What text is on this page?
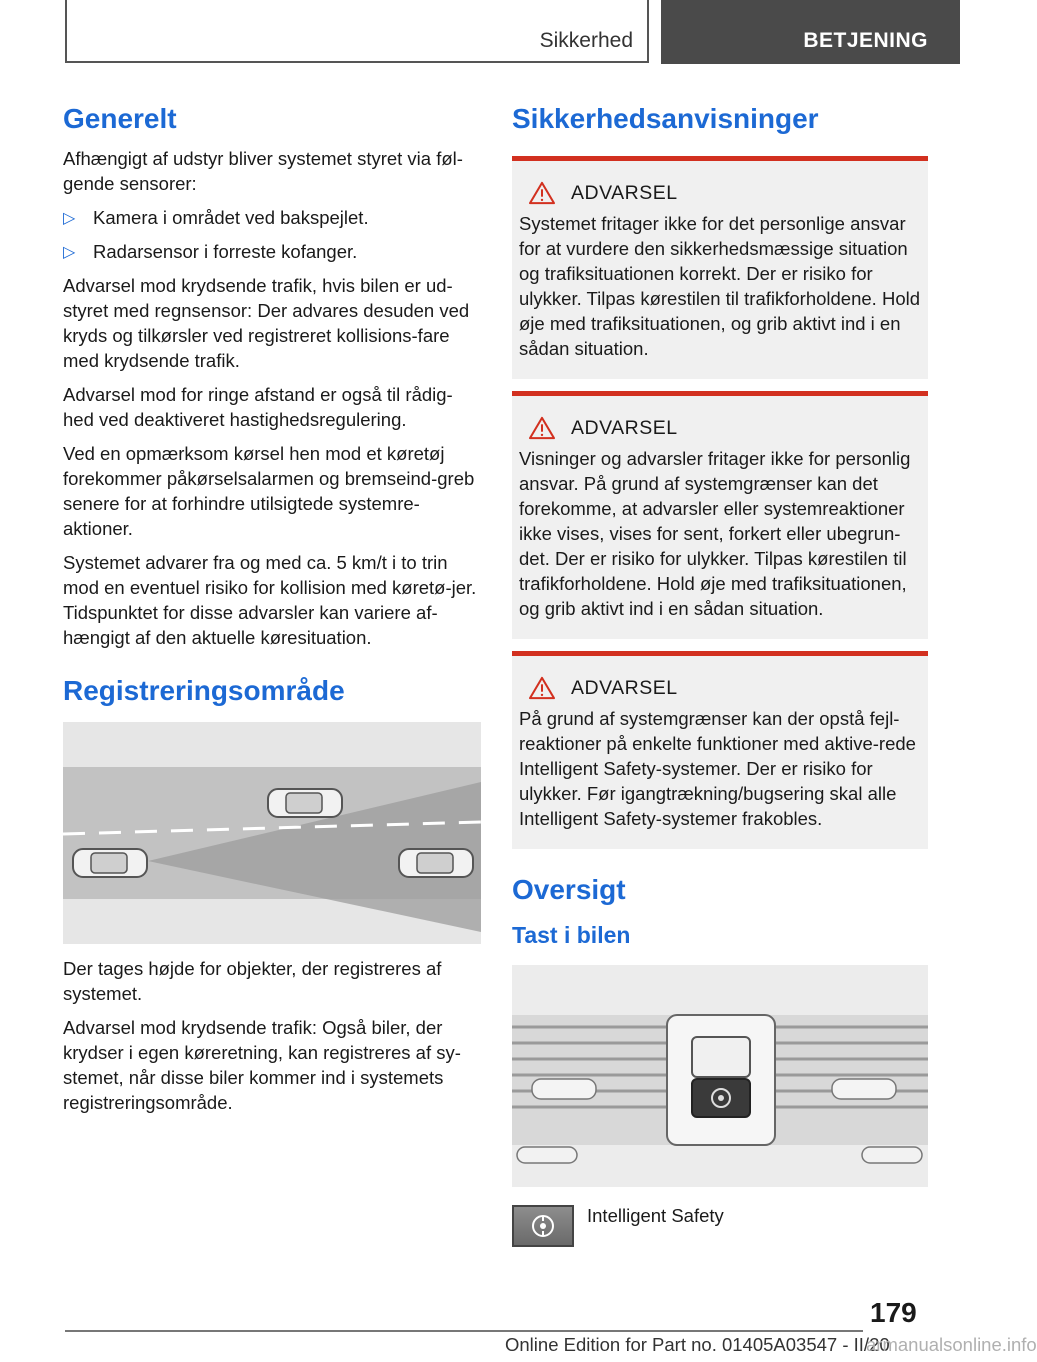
Sikkerhed	BETJENING
Generelt

Afhængigt af udstyr bliver systemet styret via føl-gende sensorer:

▷ Kamera i området ved bakspejlet.
▷ Radarsensor i forreste kofanger.

Advarsel mod krydsende trafik, hvis bilen er ud-styret med regnsensor: Der advares desuden ved kryds og tilkørsler ved registreret kollisions-fare med krydsende trafik.

Advarsel mod for ringe afstand er også til rådig-hed ved deaktiveret hastighedsregulering.

Ved en opmærksom kørsel hen mod et køretøj forekommer påkørselsalarmen og bremseind-greb senere for at forhindre utilsigtede systemre-aktioner.

Systemet advarer fra og med ca. 5 km/t i to trin mod en eventuel risiko for kollision med køretø-jer. Tidspunktet for disse advarsler kan variere af-hængigt af den aktuelle køresituation.

Registreringsområde

Der tages højde for objekter, der registreres af systemet.

Advarsel mod krydsende trafik: Også biler, der krydser i egen køreretning, kan registreres af sy-stemet, når disse biler kommer ind i systemets registreringsområde.

Sikkerhedsanvisninger
ADVARSEL

Systemet fritager ikke for det personlige ansvar for at vurdere den sikkerhedsmæssige situation og trafiksituationen korrekt. Der er risiko for ulykker. Tilpas kørestilen til trafikforholdene. Hold øje med trafiksituationen, og grib aktivt ind i en sådan situation.

ADVARSEL

Visninger og advarsler fritager ikke for personlig ansvar. På grund af systemgrænser kan det forekomme, at advarsler eller systemreaktioner ikke vises, vises for sent, forkert eller ubegrun-det. Der er risiko for ulykker. Tilpas kørestilen til trafikforholdene. Hold øje med trafiksituationen, og grib aktivt ind i en sådan situation.

ADVARSEL

På grund af systemgrænser kan der opstå fejl-reaktioner på enkelte funktioner med aktive-rede Intelligent Safety-systemer. Der er risiko for ulykker. Før igangtrækning/bugsering skal alle Intelligent Safety-systemer frakobles.

Oversigt
Tast i bilen
Intelligent Safety
179
Online Edition for Part no. 01405A03547 - II/20
armanualsonline.info
